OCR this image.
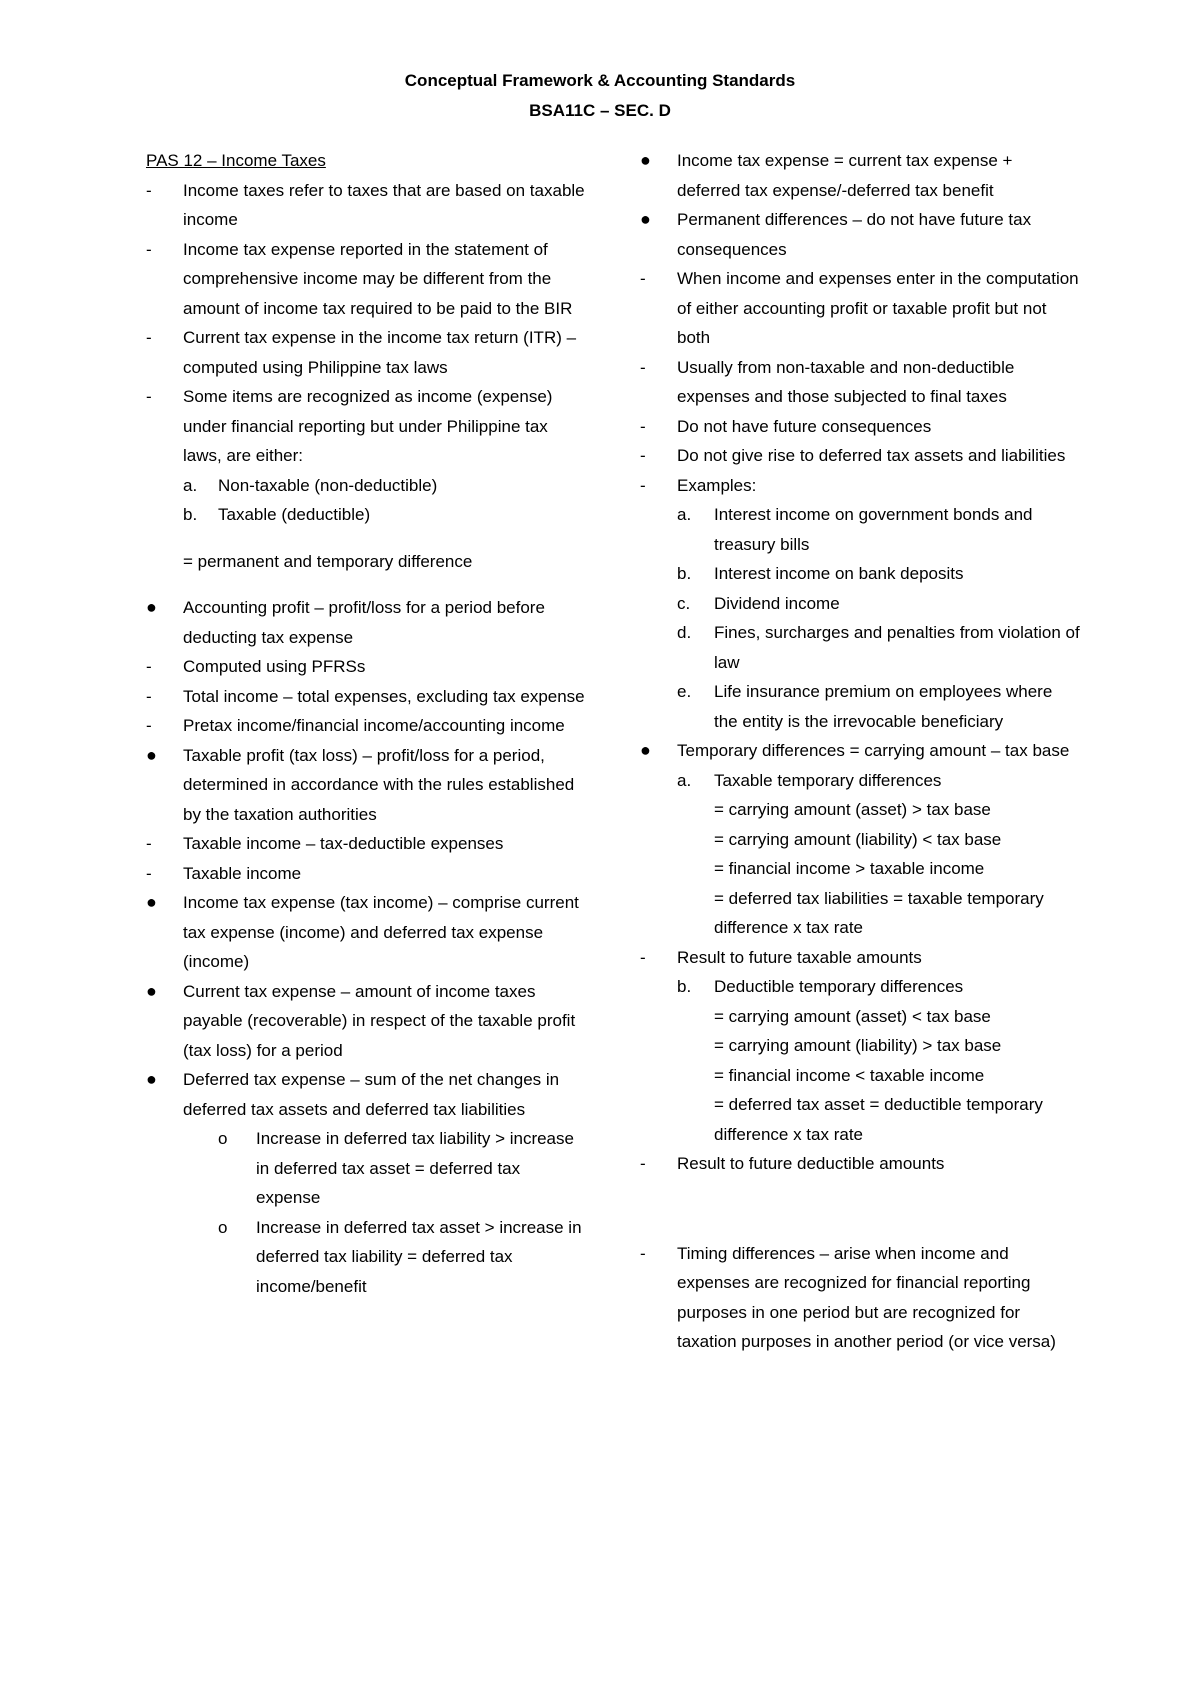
Conceptual Framework & Accounting Standards
BSA11C – SEC. D
PAS 12 – Income Taxes
-	Income taxes refer to taxes that are based on taxable income
-	Income tax expense reported in the statement of comprehensive income may be different from the amount of income tax required to be paid to the BIR
-	Current tax expense in the income tax return (ITR) – computed using Philippine tax laws
-	Some items are recognized as income (expense) under financial reporting but under Philippine tax laws, are either:
a.	Non-taxable (non-deductible)
b.	Taxable (deductible)
= permanent and temporary difference
●	Accounting profit – profit/loss for a period before deducting tax expense
-	Computed using PFRSs
-	Total income – total expenses, excluding tax expense
-	Pretax income/financial income/accounting income
●	Taxable profit (tax loss) – profit/loss for a period, determined in accordance with the rules established by the taxation authorities
-	Taxable income – tax-deductible expenses
-	Taxable income
●	Income tax expense (tax income) – comprise current tax expense (income) and deferred tax expense (income)
●	Current tax expense – amount of income taxes payable (recoverable) in respect of the taxable profit (tax loss) for a period
●	Deferred tax expense – sum of the net changes in deferred tax assets and deferred tax liabilities
o	Increase in deferred tax liability > increase in deferred tax asset = deferred tax expense
o	Increase in deferred tax asset > increase in deferred tax liability = deferred tax income/benefit
●	Income tax expense = current tax expense + deferred tax expense/-deferred tax benefit
●	Permanent differences – do not have future tax consequences
-	When income and expenses enter in the computation of either accounting profit or taxable profit but not both
-	Usually from non-taxable and non-deductible expenses and those subjected to final taxes
-	Do not have future consequences
-	Do not give rise to deferred tax assets and liabilities
-	Examples:
a.	Interest income on government bonds and treasury bills
b.	Interest income on bank deposits
c.	Dividend income
d.	Fines, surcharges and penalties from violation of law
e.	Life insurance premium on employees where the entity is the irrevocable beneficiary
●	Temporary differences = carrying amount – tax base
a.	Taxable temporary differences
= carrying amount (asset) > tax base
= carrying amount (liability) < tax base
= financial income > taxable income
= deferred tax liabilities = taxable temporary difference x tax rate
-	Result to future taxable amounts
b.	Deductible temporary differences
= carrying amount (asset) < tax base
= carrying amount (liability) > tax base
= financial income < taxable income
= deferred tax asset = deductible temporary difference x tax rate
-	Result to future deductible amounts
-	Timing differences – arise when income and expenses are recognized for financial reporting purposes in one period but are recognized for taxation purposes in another period (or vice versa)
